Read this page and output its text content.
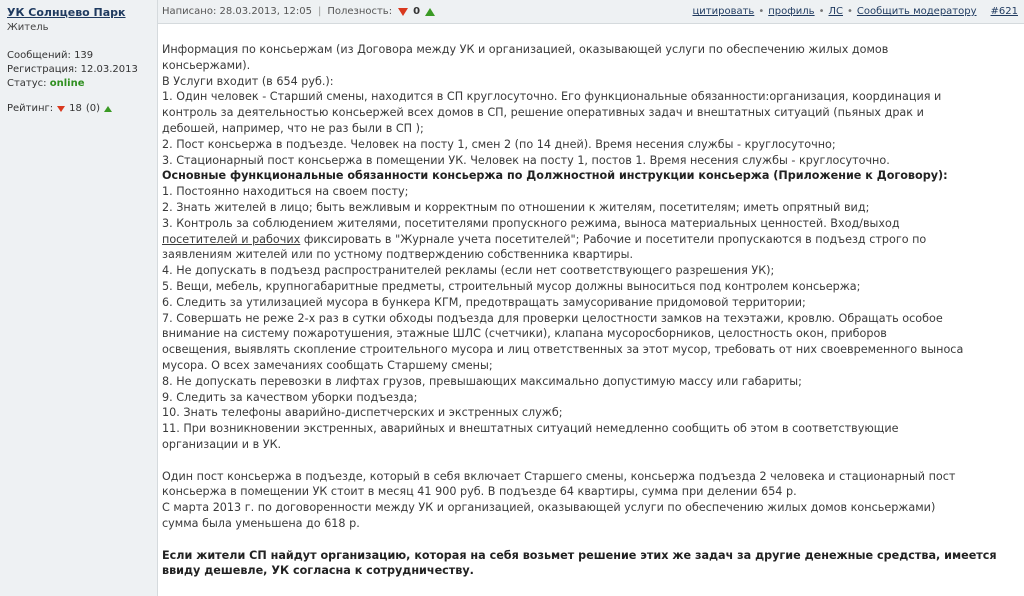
УК Солнцево Парк
Житель
Сообщений: 139
Регистрация: 12.03.2013
Статус: online
Рейтинг: 18 (0)
Написано: 28.03.2013, 12:05 | Полезность: 0	цитировать • профиль • ЛС • Сообщить модератору #621

Информация по консьержам (из Договора между УК и организацией, оказывающей услуги по обеспечению жилых домов

консьержами).

В Услуги входит (в 654 руб.):

1. Один человек - Старший смены, находится в СП круглосуточно. Его функциональные обязанности:организация, координация и

контроль за деятельностью консьержей всех домов в СП, решение оперативных задач и внештатных ситуаций (пьяных драк и

дебошей, например, что не раз были в СП );

2. Пост консьержа в подъезде. Человек на посту 1, смен 2 (по 14 дней). Время несения службы - круглосуточно;

3. Стационарный пост консьержа в помещении УК. Человек на посту 1, постов 1. Время несения службы - круглосуточно.

Основные функциональные обязанности консьержа по Должностной инструкции консьержа (Приложение к Договору):

1. Постоянно находиться на своем посту;

2. Знать жителей в лицо; быть вежливым и корректным по отношении к жителям, посетителям; иметь опрятный вид;

3. Контроль за соблюдением жителями, посетителями пропускного режима, выноса материальных ценностей. Вход/выход

посетителей и рабочих фиксировать в "Журнале учета посетителей"; Рабочие и посетители пропускаются в подъезд строго по

заявлениям жителей или по устному подтверждению собственника квартиры.

4. Не допускать в подъезд распространителей рекламы (если нет соответствующего разрешения УК);

5. Вещи, мебель, крупногабаритные предметы, строительный мусор должны выноситься под контролем консьержа;

6. Следить за утилизацией мусора в бункера КГМ, предотвращать замусоривание придомовой территории;

7. Совершать не реже 2-х раз в сутки обходы подъезда для проверки целостности замков на техэтажи, кровлю. Обращать особое

внимание на систему пожаротушения, этажные ШЛС (счетчики), клапана мусоросборников, целостность окон, приборов

освещения, выявлять скопление строительного мусора и лиц ответственных за этот мусор, требовать от них своевременного выноса

мусора. О всех замечаниях сообщать Старшему смены;

8. Не допускать перевозки в лифтах грузов, превышающих максимально допустимую массу или габариты;

9. Следить за качеством уборки подъезда;

10. Знать телефоны аварийно-диспетчерских и экстренных служб;

11. При возникновении экстренных, аварийных и внештатных ситуаций немедленно сообщить об этом в соответствующие

организации и в УК.

Один пост консьержа в подъезде, который в себя включает Старшего смены, консьержа подъезда 2 человека и стационарный пост

консьержа в помещении УК стоит в месяц 41 900 руб. В подъезде 64 квартиры, сумма при делении 654 р.

С марта 2013 г. по договоренности между УК и организацией, оказывающей услуги по обеспечению жилых домов консьержами)

сумма была уменьшена до 618 р.

Если жители СП найдут организацию, которая на себя возьмет решение этих же задач за другие денежные средства, имеется

ввиду дешевле, УК согласна к сотрудничеству.
